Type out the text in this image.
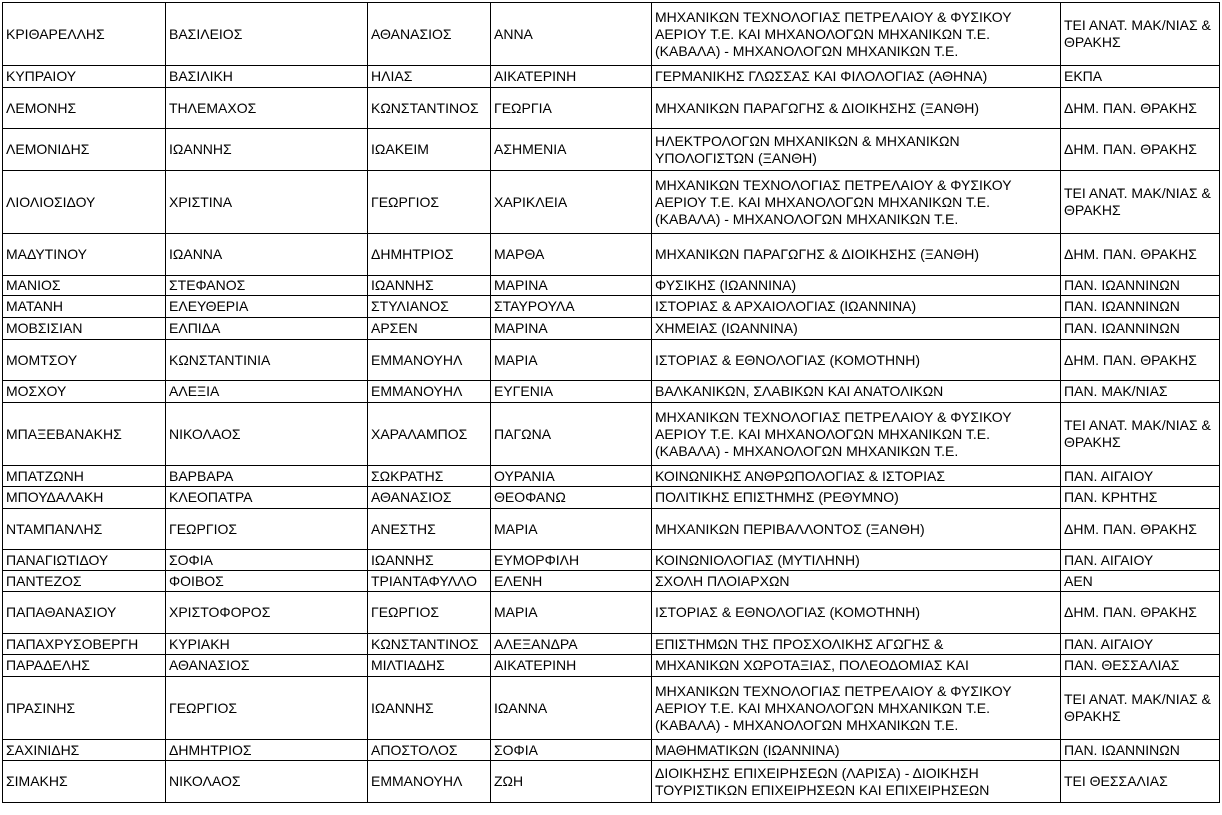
ΚΡΙΘΑΡΕΛΛΗΣ	ΒΑΣΙΛΕΙΟΣ	ΑΘΑΝΑΣΙΟΣ	ΑΝΝΑ	ΜΗΧΑΝΙΚΩΝ ΤΕΧΝΟΛΟΓΙΑΣ ΠΕΤΡΕΛΑΙΟΥ & ΦΥΣΙΚΟΥ ΑΕΡΙΟΥ Τ.Ε. ΚΑΙ ΜΗΧΑΝΟΛΟΓΩΝ ΜΗΧΑΝΙΚΩΝ Τ.Ε. (ΚΑΒΑΛΑ) - ΜΗΧΑΝΟΛΟΓΩΝ ΜΗΧΑΝΙΚΩΝ Τ.Ε.	ΤΕΙ ΑΝΑΤ. ΜΑΚ/ΝΙΑΣ & ΘΡΑΚΗΣ
ΚΥΠΡΑΙΟΥ	ΒΑΣΙΛΙΚΗ	ΗΛΙΑΣ	ΑΙΚΑΤΕΡΙΝΗ	ΓΕΡΜΑΝΙΚΗΣ ΓΛΩΣΣΑΣ ΚΑΙ ΦΙΛΟΛΟΓΙΑΣ (ΑΘΗΝΑ)	ΕΚΠΑ
ΛΕΜΟΝΗΣ	ΤΗΛΕΜΑΧΟΣ	ΚΩΝΣΤΑΝΤΙΝΟΣ	ΓΕΩΡΓΙΑ	ΜΗΧΑΝΙΚΩΝ ΠΑΡΑΓΩΓΗΣ & ΔΙΟΙΚΗΣΗΣ (ΞΑΝΘΗ)	ΔΗΜ. ΠΑΝ. ΘΡΑΚΗΣ
ΛΕΜΟΝΙΔΗΣ	ΙΩΑΝΝΗΣ	ΙΩΑΚΕΙΜ	ΑΣΗΜΕΝΙΑ	ΗΛΕΚΤΡΟΛΟΓΩΝ ΜΗΧΑΝΙΚΩΝ & ΜΗΧΑΝΙΚΩΝ ΥΠΟΛΟΓΙΣΤΩΝ (ΞΑΝΘΗ)	ΔΗΜ. ΠΑΝ. ΘΡΑΚΗΣ
ΛΙΟΛΙΟΣΙΔΟΥ	ΧΡΙΣΤΙΝΑ	ΓΕΩΡΓΙΟΣ	ΧΑΡΙΚΛΕΙΑ	ΜΗΧΑΝΙΚΩΝ ΤΕΧΝΟΛΟΓΙΑΣ ΠΕΤΡΕΛΑΙΟΥ & ΦΥΣΙΚΟΥ ΑΕΡΙΟΥ Τ.Ε. ΚΑΙ ΜΗΧΑΝΟΛΟΓΩΝ ΜΗΧΑΝΙΚΩΝ Τ.Ε. (ΚΑΒΑΛΑ) - ΜΗΧΑΝΟΛΟΓΩΝ ΜΗΧΑΝΙΚΩΝ Τ.Ε.	ΤΕΙ ΑΝΑΤ. ΜΑΚ/ΝΙΑΣ & ΘΡΑΚΗΣ
ΜΑΔΥΤΙΝΟΥ	ΙΩΑΝΝΑ	ΔΗΜΗΤΡΙΟΣ	ΜΑΡΘΑ	ΜΗΧΑΝΙΚΩΝ ΠΑΡΑΓΩΓΗΣ & ΔΙΟΙΚΗΣΗΣ (ΞΑΝΘΗ)	ΔΗΜ. ΠΑΝ. ΘΡΑΚΗΣ
ΜΑΝΙΟΣ	ΣΤΕΦΑΝΟΣ	ΙΩΑΝΝΗΣ	ΜΑΡΙΝΑ	ΦΥΣΙΚΗΣ (ΙΩΑΝΝΙΝΑ)	ΠΑΝ. ΙΩΑΝΝΙΝΩΝ
ΜΑΤΑΝΗ	ΕΛΕΥΘΕΡΙΑ	ΣΤΥΛΙΑΝΟΣ	ΣΤΑΥΡΟΥΛΑ	ΙΣΤΟΡΙΑΣ & ΑΡΧΑΙΟΛΟΓΙΑΣ (ΙΩΑΝΝΙΝΑ)	ΠΑΝ. ΙΩΑΝΝΙΝΩΝ
ΜΟΒΣΙΣΙΑΝ	ΕΛΠΙΔΑ	ΑΡΣΕΝ	ΜΑΡΙΝΑ	ΧΗΜΕΙΑΣ (ΙΩΑΝΝΙΝΑ)	ΠΑΝ. ΙΩΑΝΝΙΝΩΝ
ΜΟΜΤΣΟΥ	ΚΩΝΣΤΑΝΤΙΝΙΑ	ΕΜΜΑΝΟΥΗΛ	ΜΑΡΙΑ	ΙΣΤΟΡΙΑΣ & ΕΘΝΟΛΟΓΙΑΣ (ΚΟΜΟΤΗΝΗ)	ΔΗΜ. ΠΑΝ. ΘΡΑΚΗΣ
ΜΟΣΧΟΥ	ΑΛΕΞΙΑ	ΕΜΜΑΝΟΥΗΛ	ΕΥΓΕΝΙΑ	ΒΑΛΚΑΝΙΚΩΝ, ΣΛΑΒΙΚΩΝ ΚΑΙ ΑΝΑΤΟΛΙΚΩΝ	ΠΑΝ. ΜΑΚ/ΝΙΑΣ
ΜΠΑΞΕΒΑΝΑΚΗΣ	ΝΙΚΟΛΑΟΣ	ΧΑΡΑΛΑΜΠΟΣ	ΠΑΓΩΝΑ	ΜΗΧΑΝΙΚΩΝ ΤΕΧΝΟΛΟΓΙΑΣ ΠΕΤΡΕΛΑΙΟΥ & ΦΥΣΙΚΟΥ ΑΕΡΙΟΥ Τ.Ε. ΚΑΙ ΜΗΧΑΝΟΛΟΓΩΝ ΜΗΧΑΝΙΚΩΝ Τ.Ε. (ΚΑΒΑΛΑ) - ΜΗΧΑΝΟΛΟΓΩΝ ΜΗΧΑΝΙΚΩΝ Τ.Ε.	ΤΕΙ ΑΝΑΤ. ΜΑΚ/ΝΙΑΣ & ΘΡΑΚΗΣ
ΜΠΑΤΖΩΝΗ	ΒΑΡΒΑΡΑ	ΣΩΚΡΑΤΗΣ	ΟΥΡΑΝΙΑ	ΚΟΙΝΩΝΙΚΗΣ ΑΝΘΡΩΠΟΛΟΓΙΑΣ & ΙΣΤΟΡΙΑΣ	ΠΑΝ. ΑΙΓΑΙΟΥ
ΜΠΟΥΔΑΛΑΚΗ	ΚΛΕΟΠΑΤΡΑ	ΑΘΑΝΑΣΙΟΣ	ΘΕΟΦΑΝΩ	ΠΟΛΙΤΙΚΗΣ ΕΠΙΣΤΗΜΗΣ (ΡΕΘΥΜΝΟ)	ΠΑΝ. ΚΡΗΤΗΣ
ΝΤΑΜΠΑΝΛΗΣ	ΓΕΩΡΓΙΟΣ	ΑΝΕΣΤΗΣ	ΜΑΡΙΑ	ΜΗΧΑΝΙΚΩΝ ΠΕΡΙΒΑΛΛΟΝΤΟΣ (ΞΑΝΘΗ)	ΔΗΜ. ΠΑΝ. ΘΡΑΚΗΣ
ΠΑΝΑΓΙΩΤΙΔΟΥ	ΣΟΦΙΑ	ΙΩΑΝΝΗΣ	ΕΥΜΟΡΦΙΛΗ	ΚΟΙΝΩΝΙΟΛΟΓΙΑΣ (ΜΥΤΙΛΗΝΗ)	ΠΑΝ. ΑΙΓΑΙΟΥ
ΠΑΝΤΕΖΟΣ	ΦΟΙΒΟΣ	ΤΡΙΑΝΤΑΦΥΛΛΟ	ΕΛΕΝΗ	ΣΧΟΛΗ ΠΛΟΙΑΡΧΩΝ	ΑΕΝ
ΠΑΠΑΘΑΝΑΣΙΟΥ	ΧΡΙΣΤΟΦΟΡΟΣ	ΓΕΩΡΓΙΟΣ	ΜΑΡΙΑ	ΙΣΤΟΡΙΑΣ & ΕΘΝΟΛΟΓΙΑΣ (ΚΟΜΟΤΗΝΗ)	ΔΗΜ. ΠΑΝ. ΘΡΑΚΗΣ
ΠΑΠΑΧΡΥΣΟΒΕΡΓΗ	ΚΥΡΙΑΚΗ	ΚΩΝΣΤΑΝΤΙΝΟΣ	ΑΛΕΞΑΝΔΡΑ	ΕΠΙΣΤΗΜΩΝ ΤΗΣ ΠΡΟΣΧΟΛΙΚΗΣ ΑΓΩΓΗΣ &	ΠΑΝ. ΑΙΓΑΙΟΥ
ΠΑΡΑΔΕΛΗΣ	ΑΘΑΝΑΣΙΟΣ	ΜΙΛΤΙΑΔΗΣ	ΑΙΚΑΤΕΡΙΝΗ	ΜΗΧΑΝΙΚΩΝ ΧΩΡΟΤΑΞΙΑΣ, ΠΟΛΕΟΔΟΜΙΑΣ ΚΑΙ	ΠΑΝ. ΘΕΣΣΑΛΙΑΣ
ΠΡΑΣΙΝΗΣ	ΓΕΩΡΓΙΟΣ	ΙΩΑΝΝΗΣ	ΙΩΑΝΝΑ	ΜΗΧΑΝΙΚΩΝ ΤΕΧΝΟΛΟΓΙΑΣ ΠΕΤΡΕΛΑΙΟΥ & ΦΥΣΙΚΟΥ ΑΕΡΙΟΥ Τ.Ε. ΚΑΙ ΜΗΧΑΝΟΛΟΓΩΝ ΜΗΧΑΝΙΚΩΝ Τ.Ε. (ΚΑΒΑΛΑ) - ΜΗΧΑΝΟΛΟΓΩΝ ΜΗΧΑΝΙΚΩΝ Τ.Ε.	ΤΕΙ ΑΝΑΤ. ΜΑΚ/ΝΙΑΣ & ΘΡΑΚΗΣ
ΣΑΧΙΝΙΔΗΣ	ΔΗΜΗΤΡΙΟΣ	ΑΠΟΣΤΟΛΟΣ	ΣΟΦΙΑ	ΜΑΘΗΜΑΤΙΚΩΝ (ΙΩΑΝΝΙΝΑ)	ΠΑΝ. ΙΩΑΝΝΙΝΩΝ
ΣΙΜΑΚΗΣ	ΝΙΚΟΛΑΟΣ	ΕΜΜΑΝΟΥΗΛ	ΖΩΗ	ΔΙΟΙΚΗΣΗΣ ΕΠΙΧΕΙΡΗΣΕΩΝ (ΛΑΡΙΣΑ) - ΔΙΟΙΚΗΣΗ ΤΟΥΡΙΣΤΙΚΩΝ ΕΠΙΧΕΙΡΗΣΕΩΝ ΚΑΙ ΕΠΙΧΕΙΡΗΣΕΩΝ	ΤΕΙ ΘΕΣΣΑΛΙΑΣ
